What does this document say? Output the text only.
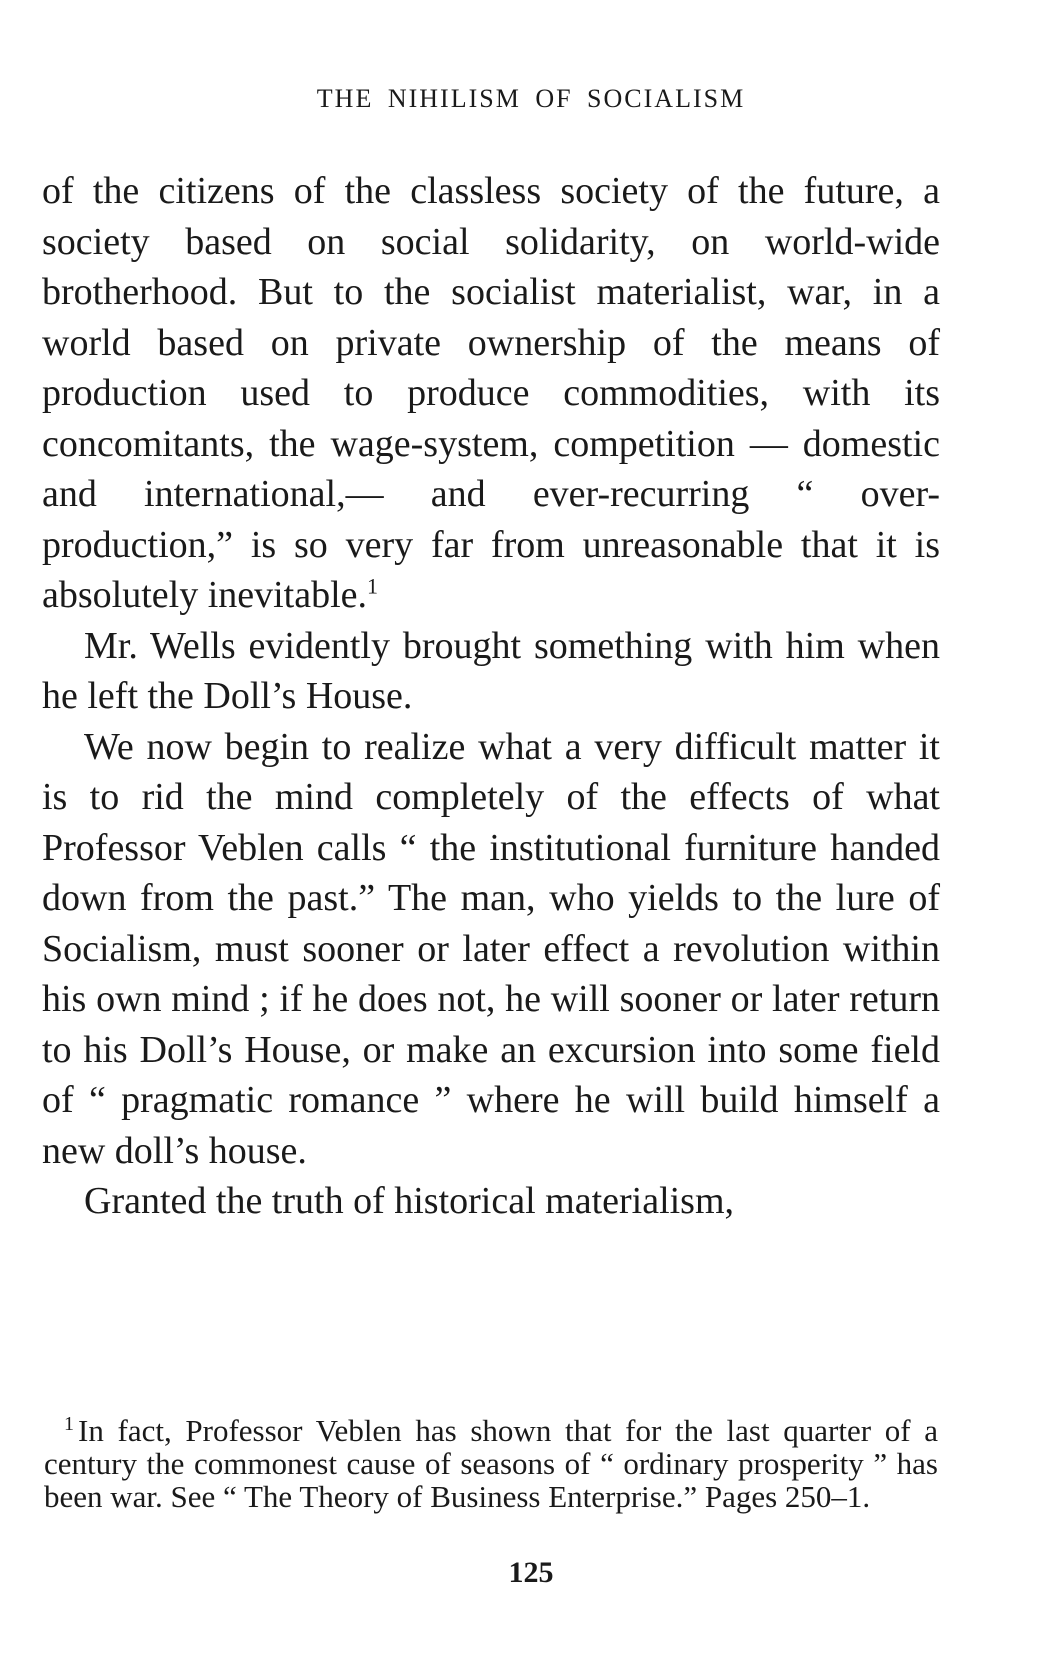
THE NIHILISM OF SOCIALISM

of the citizens of the classless society of the future, a society based on social solidarity, on world-wide brotherhood. But to the socialist materialist, war, in a world based on private ownership of the means of production used to produce commodities, with its concomitants, the wage-system, competition — domestic and international,— and ever-recurring “ over-production,” is so very far from unreasonable that it is absolutely inevitable.$^1$

Mr. Wells evidently brought something with him when he left the Doll’s House.

We now begin to realize what a very difficult matter it is to rid the mind completely of the effects of what Professor Veblen calls “ the institutional furniture handed down from the past.” The man, who yields to the lure of Socialism, must sooner or later effect a revolution within his own mind ; if he does not, he will sooner or later return to his Doll’s House, or make an excursion into some field of “ pragmatic romance ” where he will build himself a new doll’s house.

Granted the truth of historical materialism,

$^1$ In fact, Professor Veblen has shown that for the last quarter of a century the commonest cause of seasons of “ ordinary prosperity ” has been war. See “ The Theory of Business Enterprise.” Pages 250–1.
125
